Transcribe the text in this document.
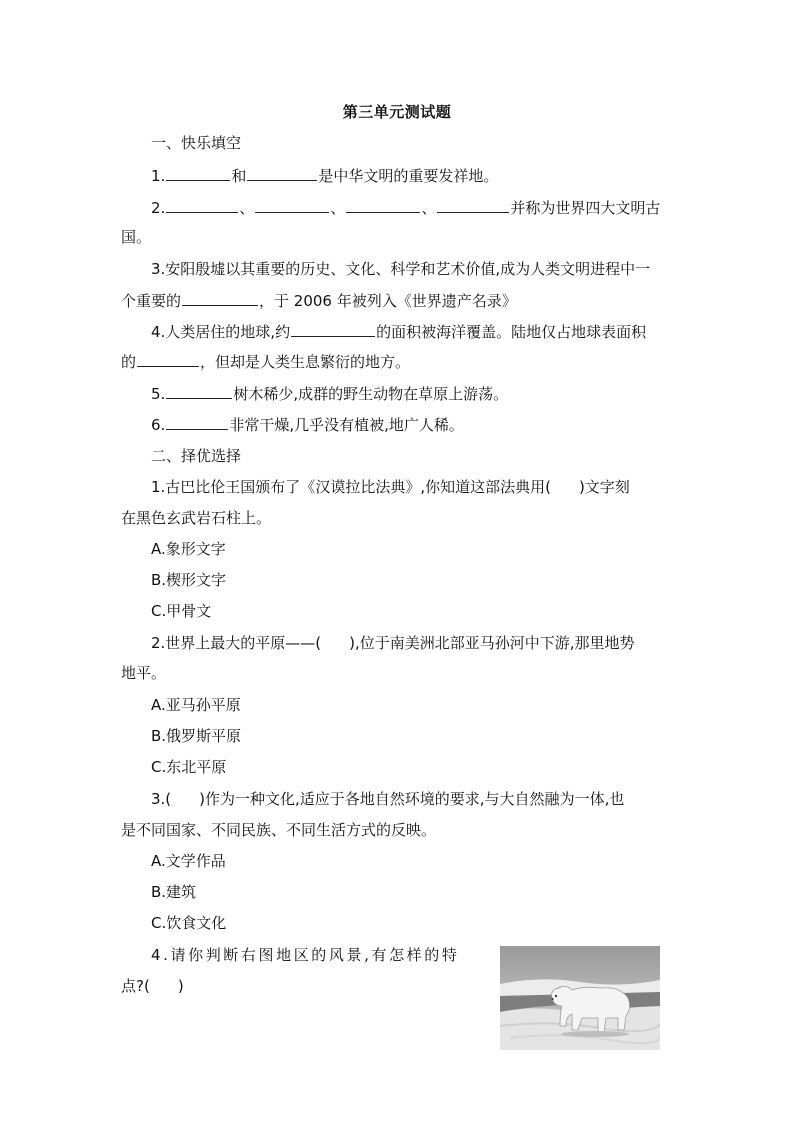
第三单元测试题
一、快乐填空
1.	和	是中华文明的重要发祥地。
2.	、	、	、	并称为世界四大文明古
国。
3.安阳殷墟以其重要的历史、文化、科学和艺术价值,成为人类文明进程中一
个重要的	，于 2006 年被列入《世界遗产名录》
4.人类居住的地球,约	的面积被海洋覆盖。陆地仅占地球表面积
的	，但却是人类生息繁衍的地方。
5.	树木稀少,成群的野生动物在草原上游荡。
6.	非常干燥,几乎没有植被,地广人稀。
二、择优选择
1.古巴比伦王国颁布了《汉谟拉比法典》,你知道这部法典用( )文字刻
在黑色玄武岩石柱上。
A.象形文字
B.楔形文字
C.甲骨文
2.世界上最大的平原——( ),位于南美洲北部亚马孙河中下游,那里地势
地平。
A.亚马孙平原
B.俄罗斯平原
C.东北平原
3.( )作为一种文化,适应于各地自然环境的要求,与大自然融为一体,也
是不同国家、不同民族、不同生活方式的反映。
A.文学作品
B.建筑
C.饮食文化
4.请你判断右图地区的风景,有怎样的特
点?( )
